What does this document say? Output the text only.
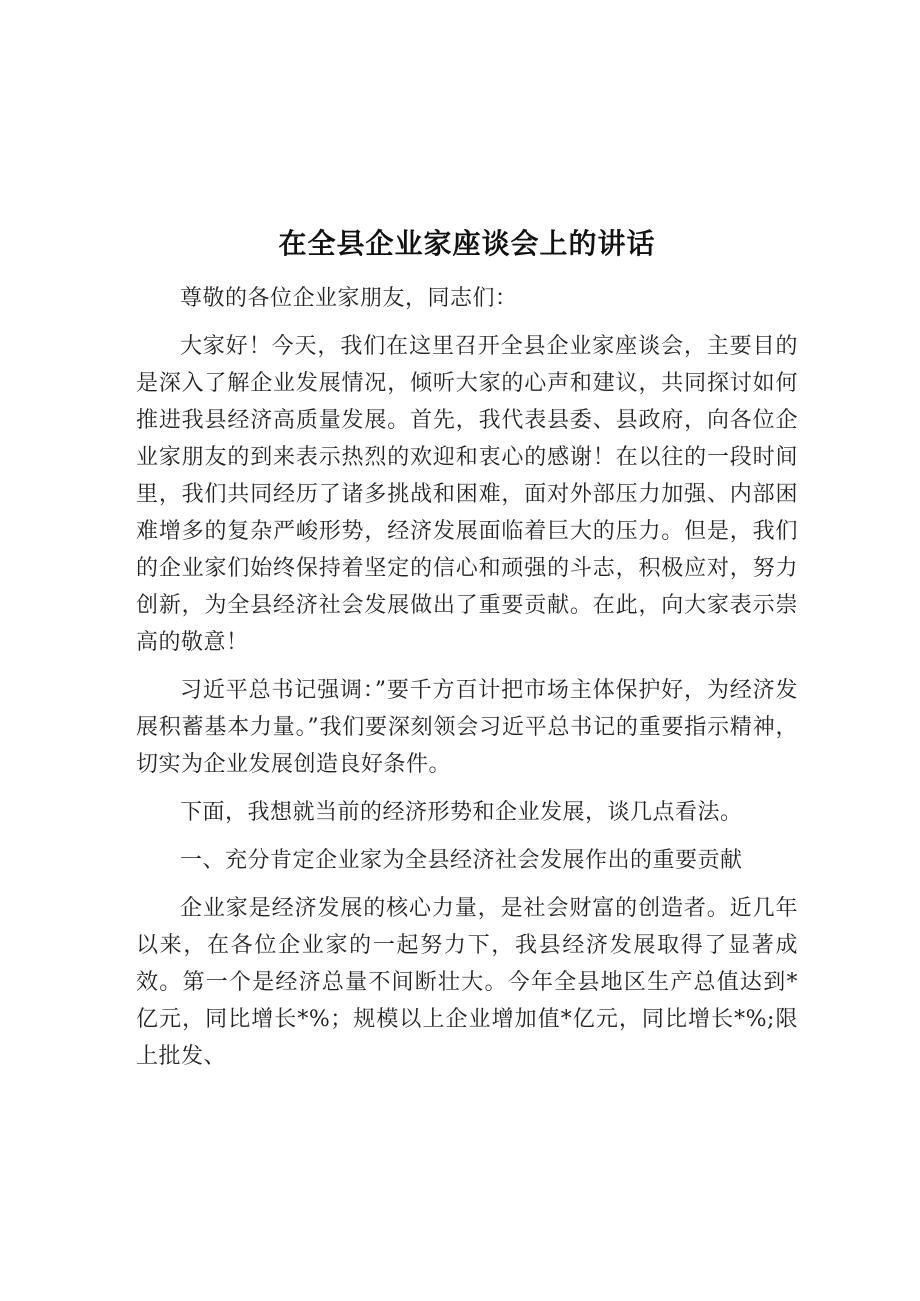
在全县企业家座谈会上的讲话

尊敬的各位企业家朋友，同志们：

大家好！今天，我们在这里召开全县企业家座谈会，主要目的是深入了解企业发展情况，倾听大家的心声和建议，共同探讨如何推进我县经济高质量发展。首先，我代表县委、县政府，向各位企业家朋友的到来表示热烈的欢迎和衷心的感谢！在以往的一段时间里，我们共同经历了诸多挑战和困难，面对外部压力加强、内部困难增多的复杂严峻形势，经济发展面临着巨大的压力。但是，我们的企业家们始终保持着坚定的信心和顽强的斗志，积极应对，努力创新，为全县经济社会发展做出了重要贡献。在此，向大家表示崇高的敬意！

习近平总书记强调：”要千方百计把市场主体保护好，为经济发展积蓄基本力量。”我们要深刻领会习近平总书记的重要指示精神，切实为企业发展创造良好条件。

下面，我想就当前的经济形势和企业发展，谈几点看法。

一、充分肯定企业家为全县经济社会发展作出的重要贡献

企业家是经济发展的核心力量，是社会财富的创造者。近几年以来，在各位企业家的一起努力下，我县经济发展取得了显著成效。第一个是经济总量不间断壮大。今年全县地区生产总值达到*亿元，同比增长*%；规模以上企业增加值*亿元，同比增长*%;限上批发、
